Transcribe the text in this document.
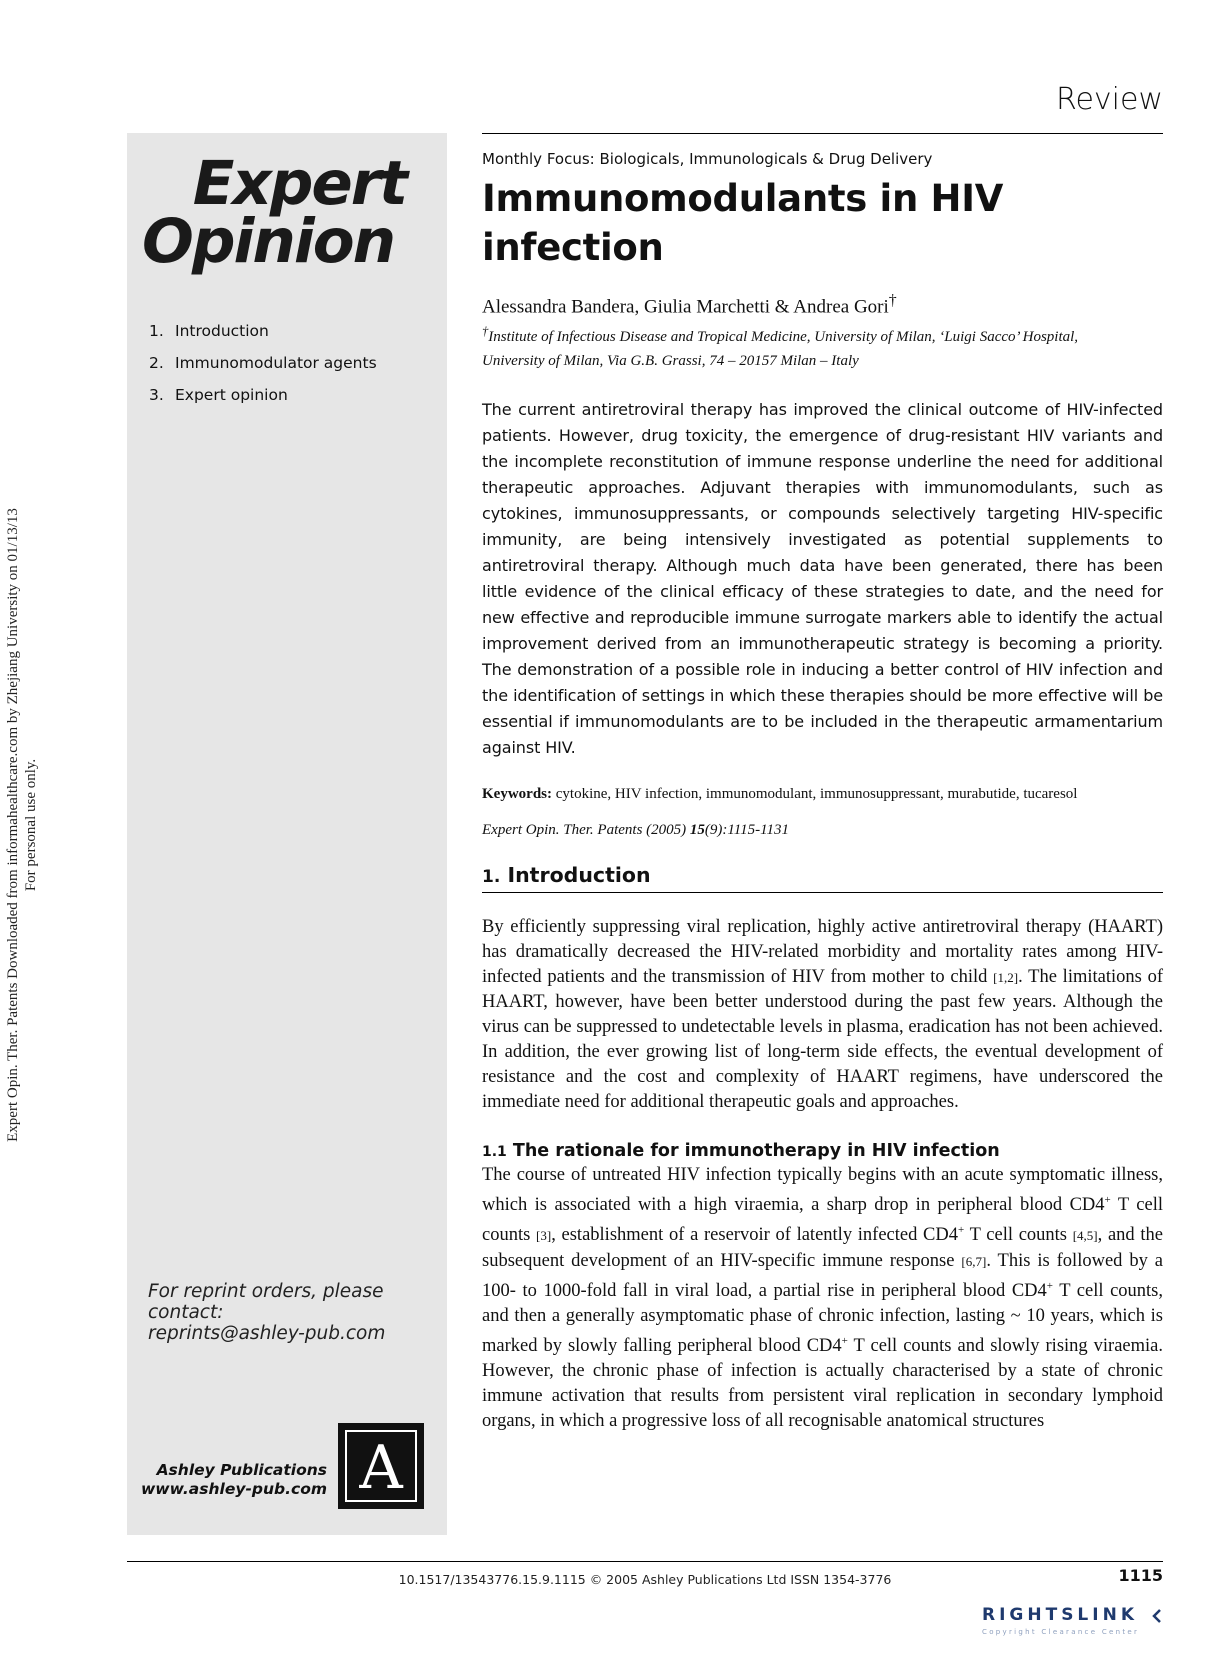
Expert Opin. Ther. Patents Downloaded from informahealthcare.com by Zhejiang University on 01/13/13 For personal use only.
Review
Expert
Opinion
1. Introduction
2. Immunomodulator agents
3. Expert opinion
For reprint orders, please
contact:
reprints@ashley-pub.com
Ashley Publications
www.ashley-pub.com A

Monthly Focus: Biologicals, Immunologicals & Drug Delivery

Immunomodulants in HIV
infection
Alessandra Bandera, Giulia Marchetti & Andrea Gori†
†Institute of Infectious Disease and Tropical Medicine, University of Milan, ‘Luigi Sacco’ Hospital,
University of Milan, Via G.B. Grassi, 74 – 20157 Milan – Italy
The current antiretroviral therapy has improved the clinical outcome of HIV-infected patients. However, drug toxicity, the emergence of drug-resistant HIV variants and the incomplete reconstitution of immune response underline the need for additional therapeutic approaches. Adjuvant therapies with immunomodulants, such as cytokines, immunosuppressants, or compounds selectively targeting HIV-specific immunity, are being intensively investigated as potential supplements to antiretroviral therapy. Although much data have been generated, there has been little evidence of the clinical efficacy of these strategies to date, and the need for new effective and reproducible immune surrogate markers able to identify the actual improvement derived from an immunotherapeutic strategy is becoming a priority. The demonstration of a possible role in inducing a better control of HIV infection and the identification of settings in which these therapies should be more effective will be essential if immunomodulants are to be included in the therapeutic armamentarium against HIV.
Keywords: cytokine, HIV infection, immunomodulant, immunosuppressant, murabutide, tucaresol
Expert Opin. Ther. Patents (2005) 15(9):1115-1131
1. Introduction
By efficiently suppressing viral replication, highly active antiretroviral therapy (HAART) has dramatically decreased the HIV-related morbidity and mortality rates among HIV-infected patients and the transmission of HIV from mother to child [1,2]. The limitations of HAART, however, have been better understood during the past few years. Although the virus can be suppressed to undetectable levels in plasma, eradication has not been achieved. In addition, the ever growing list of long-term side effects, the eventual development of resistance and the cost and complexity of HAART regimens, have underscored the immediate need for additional therapeutic goals and approaches.
1.1 The rationale for immunotherapy in HIV infection
The course of untreated HIV infection typically begins with an acute symptomatic illness, which is associated with a high viraemia, a sharp drop in peripheral blood CD4+ T cell counts [3], establishment of a reservoir of latently infected CD4+ T cell counts [4,5], and the subsequent development of an HIV-specific immune response [6,7]. This is followed by a 100- to 1000-fold fall in viral load, a partial rise in peripheral blood CD4+ T cell counts, and then a generally asymptomatic phase of chronic infection, lasting ~ 10 years, which is marked by slowly falling peripheral blood CD4+ T cell counts and slowly rising viraemia. However, the chronic phase of infection is actually characterised by a state of chronic immune activation that results from persistent viral replication in secondary lymphoid organs, in which a progressive loss of all recognisable anatomical structures
10.1517/13543776.15.9.1115 © 2005 Ashley Publications Ltd ISSN 1354-3776	1115
RIGHTSLINK
Copyright Clearance Center
